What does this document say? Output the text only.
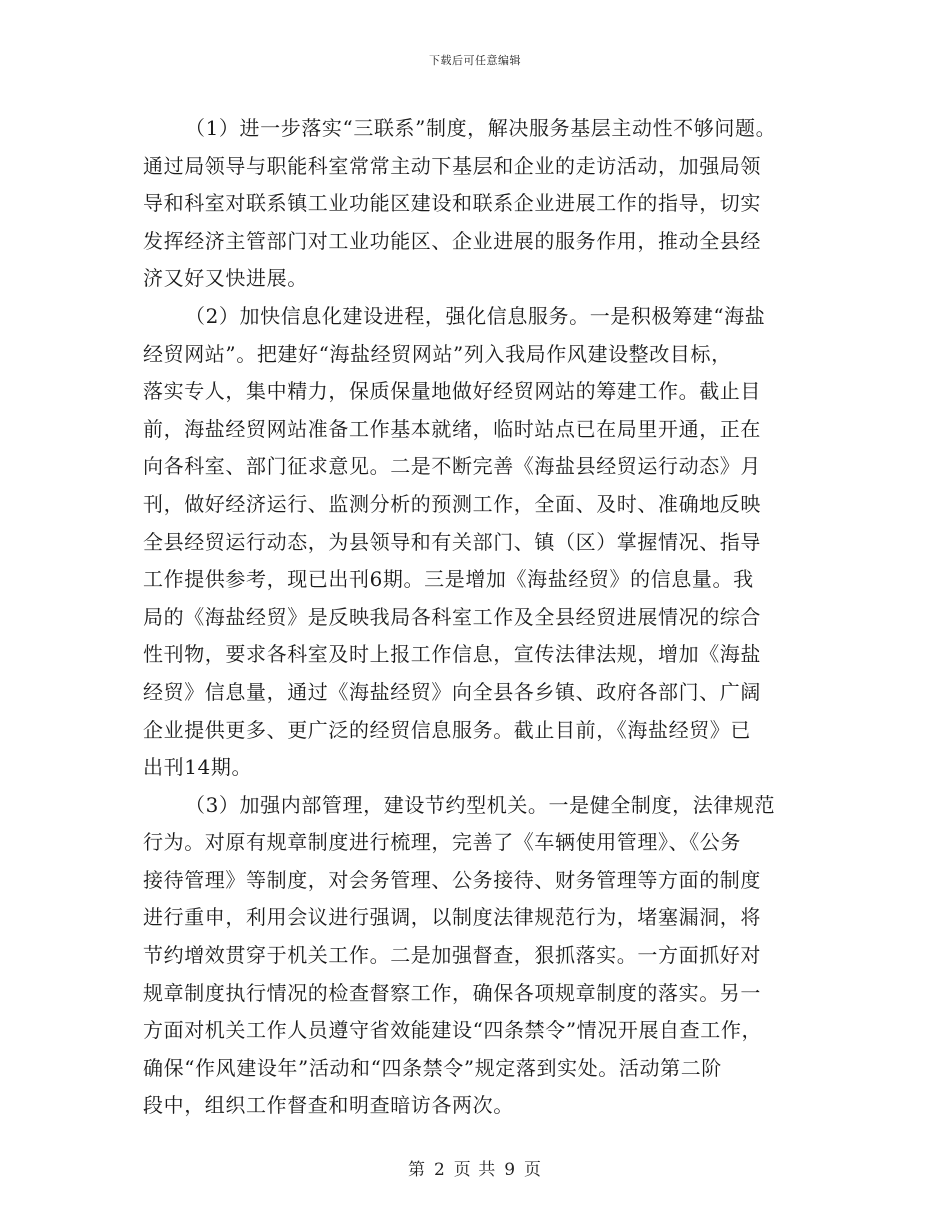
下载后可任意编辑

（1）进一步落实“三联系”制度，解决服务基层主动性不够问题。
通过局领导与职能科室常常主动下基层和企业的走访活动，加强局领
导和科室对联系镇工业功能区建设和联系企业进展工作的指导，切实
发挥经济主管部门对工业功能区、企业进展的服务作用，推动全县经
济又好又快进展。

（2）加快信息化建设进程，强化信息服务。一是积极筹建“海盐
经贸网站”。把建好“海盐经贸网站”列入我局作风建设整改目标，
落实专人，集中精力，保质保量地做好经贸网站的筹建工作。截止目
前，海盐经贸网站准备工作基本就绪，临时站点已在局里开通，正在
向各科室、部门征求意见。二是不断完善《海盐县经贸运行动态》月
刊，做好经济运行、监测分析的预测工作，全面、及时、准确地反映
全县经贸运行动态，为县领导和有关部门、镇（区）掌握情况、指导
工作提供参考，现已出刊6期。三是增加《海盐经贸》的信息量。我
局的《海盐经贸》是反映我局各科室工作及全县经贸进展情况的综合
性刊物，要求各科室及时上报工作信息，宣传法律法规，增加《海盐
经贸》信息量，通过《海盐经贸》向全县各乡镇、政府各部门、广阔
企业提供更多、更广泛的经贸信息服务。截止目前，《海盐经贸》已
出刊14期。

（3）加强内部管理，建设节约型机关。一是健全制度，法律规范
行为。对原有规章制度进行梳理，完善了《车辆使用管理》、《公务
接待管理》等制度，对会务管理、公务接待、财务管理等方面的制度
进行重申，利用会议进行强调，以制度法律规范行为，堵塞漏洞，将
节约增效贯穿于机关工作。二是加强督查，狠抓落实。一方面抓好对
规章制度执行情况的检查督察工作，确保各项规章制度的落实。另一
方面对机关工作人员遵守省效能建设“四条禁令”情况开展自查工作，
确保“作风建设年”活动和“四条禁令”规定落到实处。活动第二阶
段中，组织工作督查和明查暗访各两次。

第 2 页 共 9 页
